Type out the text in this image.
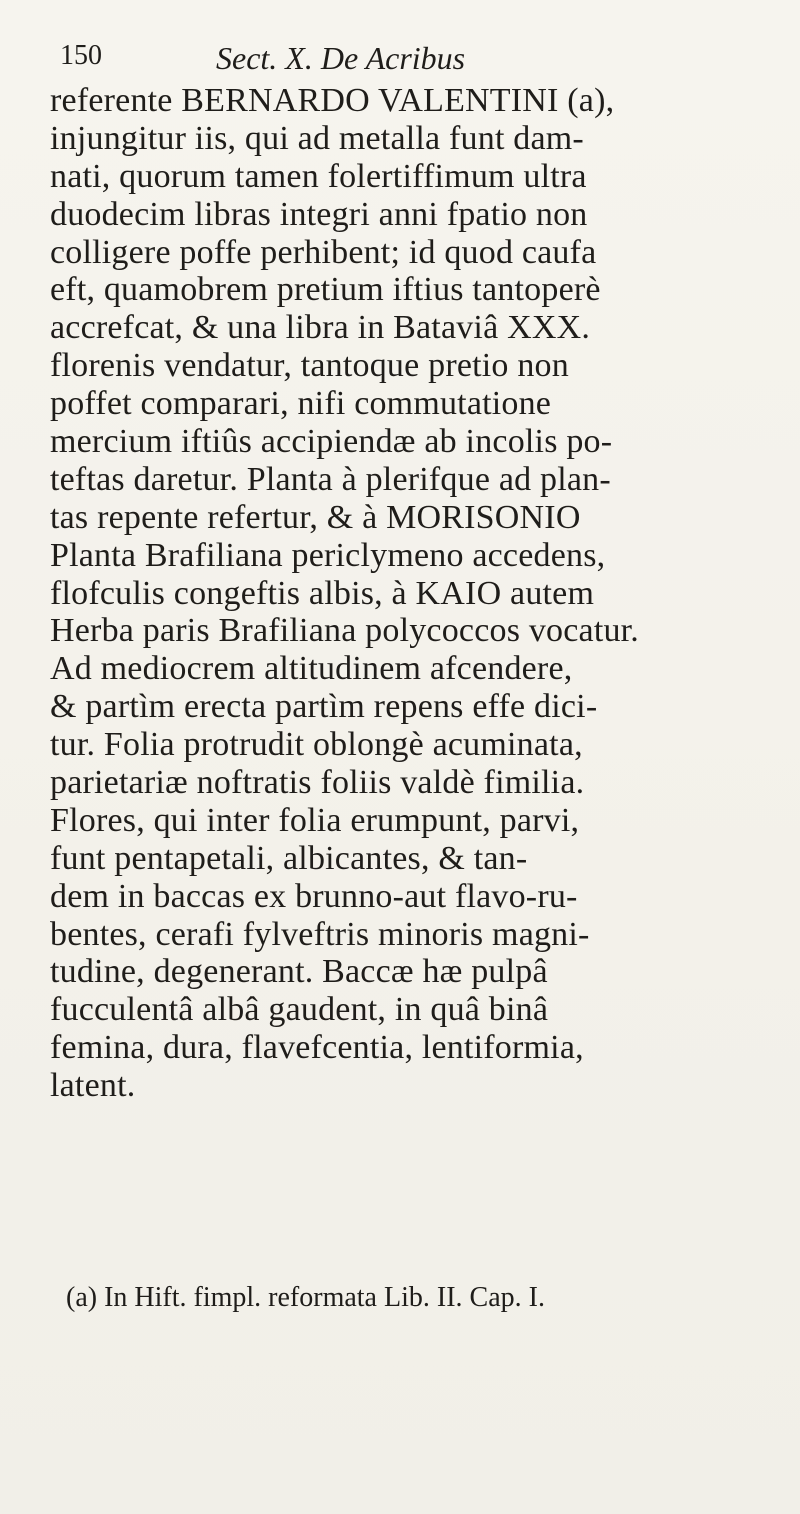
150	Sect. X. De Acribus
referente BERNARDO VALENTINI (a),
injungitur iis, qui ad metalla funt dam-
nati, quorum tamen folertiffimum ultra
duodecim libras integri anni fpatio non
colligere poffe perhibent; id quod caufa
eft, quamobrem pretium iftius tantoperè
accrefcat, & una libra in Bataviâ XXX.
florenis vendatur, tantoque pretio non
poffet comparari, nifi commutatione
mercium iftiûs accipiendæ ab incolis po-
teftas daretur. Planta à plerifque ad plan-
tas repente refertur, & à MORISONIO
Planta Brafiliana periclymeno accedens,
flofculis congeftis albis, à KAIO autem
Herba paris Brafiliana polycoccos vocatur.
Ad mediocrem altitudinem afcendere,
& partìm erecta partìm repens effe dici-
tur. Folia protrudit oblongè acuminata,
parietariæ noftratis foliis valdè fimilia.
Flores, qui inter folia erumpunt, parvi,
funt pentapetali, albicantes, & tan-
dem in baccas ex brunno-aut flavo-ru-
bentes, cerafi fylveftris minoris magni-
tudine, degenerant. Baccæ hæ pulpâ
fucculentâ albâ gaudent, in quâ binâ
femina, dura, flavefcentia, lentiformia,
latent.
(a) In Hift. fimpl. reformata Lib. II. Cap. I.
